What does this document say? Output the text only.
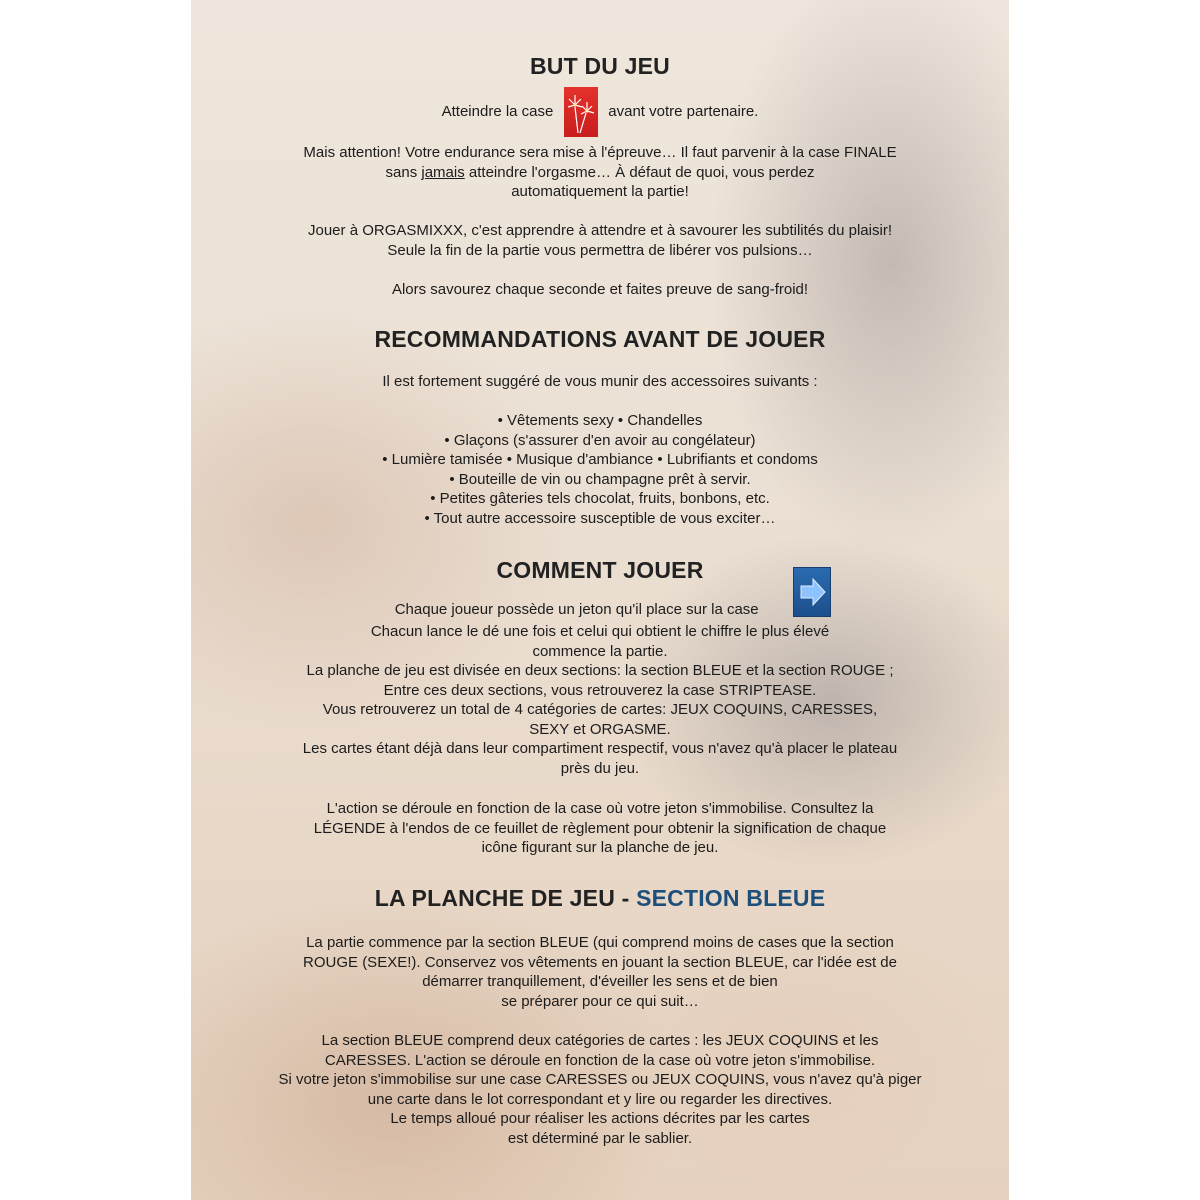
BUT DU JEU
Atteindre la case	avant votre partenaire.

Mais attention! Votre endurance sera mise à l'épreuve… Il faut parvenir à la case FINALE

sans jamais atteindre l'orgasme… À défaut de quoi, vous perdez

automatiquement la partie!

Jouer à ORGASMIXXX, c'est apprendre à attendre et à savourer les subtilités du plaisir!

Seule la fin de la partie vous permettra de libérer vos pulsions…

Alors savourez chaque seconde et faites preuve de sang-froid!

RECOMMANDATIONS AVANT DE JOUER

Il est fortement suggéré de vous munir des accessoires suivants :

• Vêtements sexy • Chandelles

• Glaçons (s'assurer d'en avoir au congélateur)

• Lumière tamisée • Musique d'ambiance • Lubrifiants et condoms

• Bouteille de vin ou champagne prêt à servir.

• Petites gâteries tels chocolat, fruits, bonbons, etc.

• Tout autre accessoire susceptible de vous exciter…

COMMENT JOUER
Chaque joueur possède un jeton qu'il place sur la case

Chacun lance le dé une fois et celui qui obtient le chiffre le plus élevé

commence la partie.

La planche de jeu est divisée en deux sections: la section BLEUE et la section ROUGE ;

Entre ces deux sections, vous retrouverez la case STRIPTEASE.

Vous retrouverez un total de 4 catégories de cartes: JEUX COQUINS, CARESSES,

SEXY et ORGASME.

Les cartes étant déjà dans leur compartiment respectif, vous n'avez qu'à placer le plateau

près du jeu.

L'action se déroule en fonction de la case où votre jeton s'immobilise. Consultez la

LÉGENDE à l'endos de ce feuillet de règlement pour obtenir la signification de chaque

icône figurant sur la planche de jeu.

LA PLANCHE DE JEU - SECTION BLEUE

La partie commence par la section BLEUE (qui comprend moins de cases que la section

ROUGE (SEXE!). Conservez vos vêtements en jouant la section BLEUE, car l'idée est de

démarrer tranquillement, d'éveiller les sens et de bien

se préparer pour ce qui suit…

La section BLEUE comprend deux catégories de cartes : les JEUX COQUINS et les

CARESSES. L'action se déroule en fonction de la case où votre jeton s'immobilise.

Si votre jeton s'immobilise sur une case CARESSES ou JEUX COQUINS, vous n'avez qu'à piger

une carte dans le lot correspondant et y lire ou regarder les directives.

Le temps alloué pour réaliser les actions décrites par les cartes

est déterminé par le sablier.
